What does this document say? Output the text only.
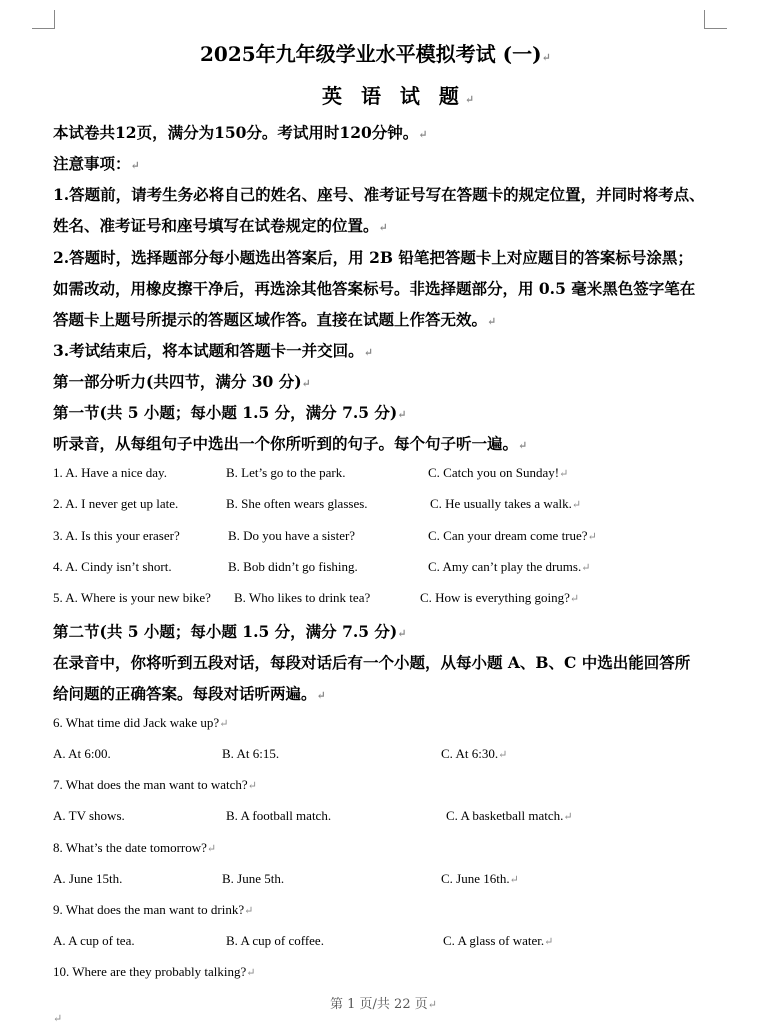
2025年九年级学业水平模拟考试 (一)↵
英 语 试 题↵
本试卷共12页，满分为150分。考试用时120分钟。↵
注意事项：↵
1.答题前，请考生务必将自己的姓名、座号、准考证号写在答题卡的规定位置，并同时将考点、
姓名、准考证号和座号填写在试卷规定的位置。↵
2.答题时，选择题部分每小题选出答案后，用 2B 铅笔把答题卡上对应题目的答案标号涂黑；
如需改动，用橡皮擦干净后，再选涂其他答案标号。非选择题部分，用 0.5 毫米黑色签字笔在
答题卡上题号所提示的答题区域作答。直接在试题上作答无效。↵
3.考试结束后，将本试题和答题卡一并交回。↵
第一部分听力(共四节，满分 30 分)↵
第一节(共 5 小题；每小题 1.5 分，满分 7.5 分)↵
听录音，从每组句子中选出一个你所听到的句子。每个句子听一遍。↵
1. A. Have a nice day.	B. Let’s go to the park.	C. Catch you on Sunday!↵
2. A. I never get up late.	B. She often wears glasses.	C. He usually takes a walk.↵
3. A. Is this your eraser?	B. Do you have a sister?	C. Can your dream come true?↵
4. A. Cindy isn’t short.	B. Bob didn’t go fishing.	C. Amy can’t play the drums.↵
5. A. Where is your new bike? B. Who likes to drink tea?	C. How is everything going?↵
第二节(共 5 小题；每小题 1.5 分，满分 7.5 分)↵
在录音中，你将听到五段对话，每段对话后有一个小题，从每小题 A、B、C 中选出能回答所
给问题的正确答案。每段对话听两遍。↵
6. What time did Jack wake up?↵
A. At 6:00.	B. At 6:15.	C. At 6:30.↵
7. What does the man want to watch?↵
A. TV shows.	B. A football match.	C. A basketball match.↵
8. What’s the date tomorrow?↵
A. June 15th.	B. June 5th.	C. June 16th.↵
9. What does the man want to drink?↵
A. A cup of tea.	B. A cup of coffee.	C. A glass of water.↵
10. Where are they probably talking?↵
第 1 页/共 22 页↵
↵
